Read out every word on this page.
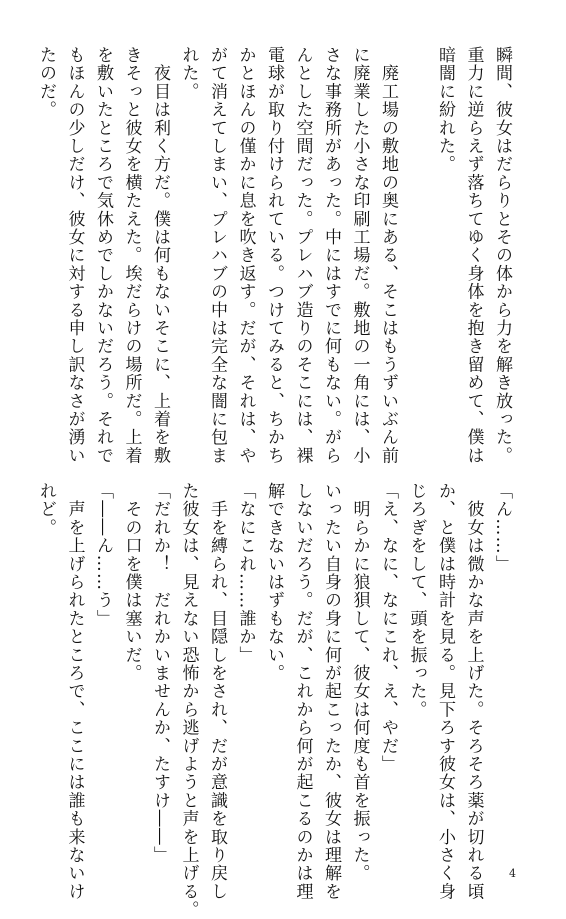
瞬間、彼女はだらりとその体から力を解き放った。

重力に逆らえず落ちてゆく身体を抱き留めて、僕は

暗闇に紛れた。

　廃工場の敷地の奥にある、そこはもうずいぶん前

に廃業した小さな印刷工場だ。敷地の一角には、小

さな事務所があった。中にはすでに何もない。がら

んとした空間だった。プレハブ造りのそこには、裸

電球が取り付けられている。つけてみると、ちかち

かとほんの僅かに息を吹き返す。だが、それは、や

がて消えてしまい、プレハブの中は完全な闇に包ま

れた。

　夜目は利く方だ。僕は何もないそこに、上着を敷

きそっと彼女を横たえた。埃だらけの場所だ。上着

を敷いたところで気休めでしかないだろう。それで

もほんの少しだけ、彼女に対する申し訳なさが湧い

たのだ。

「ん……」

　彼女は微かな声を上げた。そろそろ薬が切れる頃

か、と僕は時計を見る。見下ろす彼女は、小さく身

じろぎをして、頭を振った。

「え、なに、なにこれ、え、やだ」

　明らかに狼狽して、彼女は何度も首を振った。

いったい自身の身に何が起こったか、彼女は理解を

しないだろう。だが、これから何が起こるのかは理

解できないはずもない。

「なにこれ……誰か」

　手を縛られ、目隠しをされ、だが意識を取り戻し

た彼女は、見えない恐怖から逃げようと声を上げる。

「だれか！　だれかいませんか、たすけ――」

　その口を僕は塞いだ。

「――ん……う」

　声を上げられたところで、ここには誰も来ないけ

れど。

4
